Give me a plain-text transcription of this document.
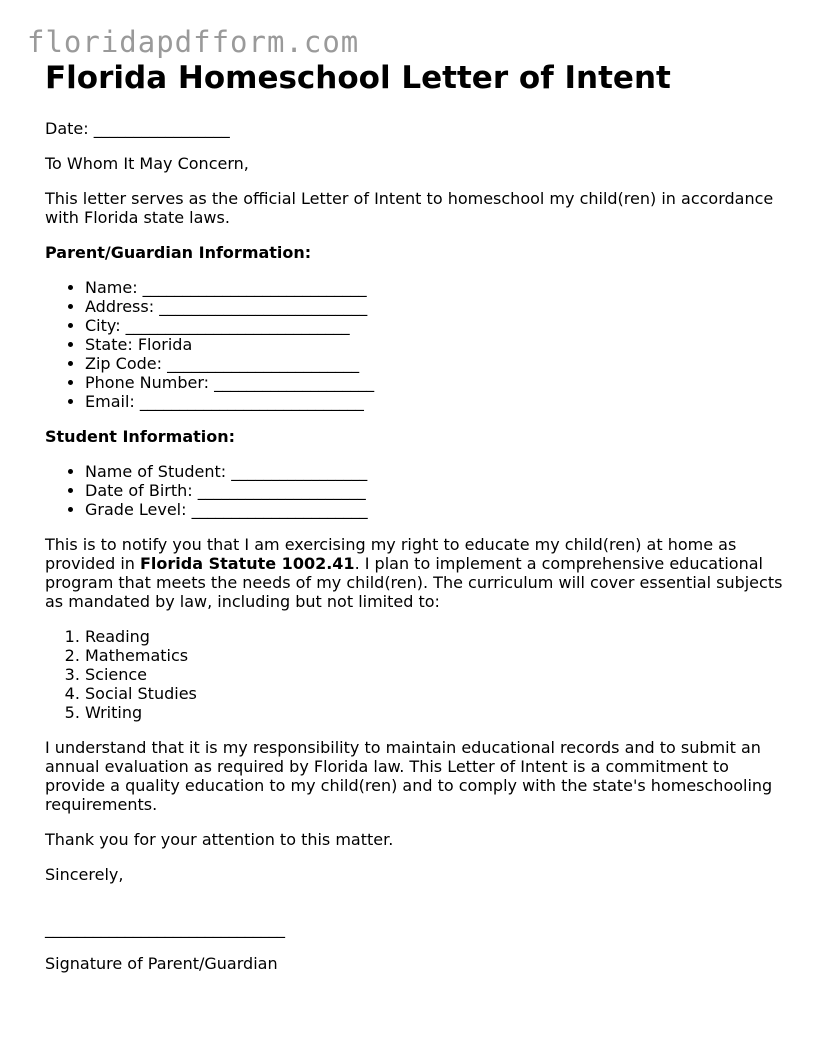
floridapdfform.com
Florida Homeschool Letter of Intent

Date: _________________

To Whom It May Concern,

This letter serves as the official Letter of Intent to homeschool my child(ren) in accordance with Florida state laws.

Parent/Guardian Information:
• Name: ____________________________
• Address: __________________________
• City: ____________________________
• State: Florida
• Zip Code: ________________________
• Phone Number: ____________________
• Email: ____________________________
Student Information:
• Name of Student: _________________
• Date of Birth: _____________________
• Grade Level: ______________________

This is to notify you that I am exercising my right to educate my child(ren) at home as provided in Florida Statute 1002.41. I plan to implement a comprehensive educational program that meets the needs of my child(ren). The curriculum will cover essential subjects as mandated by law, including but not limited to:

1. Reading
2. Mathematics
3. Science
4. Social Studies
5. Writing

I understand that it is my responsibility to maintain educational records and to submit an annual evaluation as required by Florida law. This Letter of Intent is a commitment to provide a quality education to my child(ren) and to comply with the state's homeschooling requirements.

Thank you for your attention to this matter.

Sincerely,

______________________________

Signature of Parent/Guardian
